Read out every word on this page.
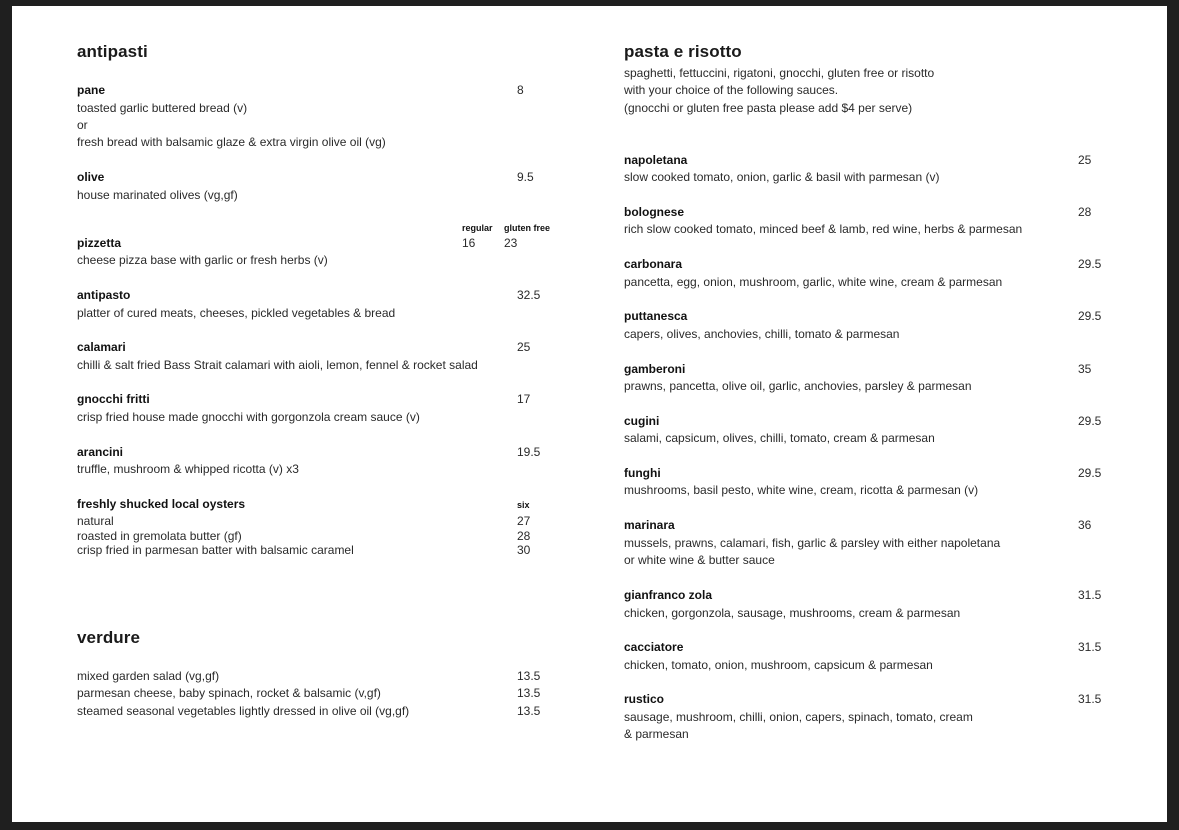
antipasti
pane	8
toasted garlic buttered bread (v)
or
fresh bread with balsamic glaze & extra virgin olive oil (vg)
olive	9.5
house marinated olives (vg,gf)
regular gluten free
pizzetta	16 23
cheese pizza base with garlic or fresh herbs (v)
antipasto	32.5
platter of cured meats, cheeses, pickled vegetables & bread
calamari	25
chilli & salt fried Bass Strait calamari with aioli, lemon, fennel & rocket salad
gnocchi fritti	17
crisp fried house made gnocchi with gorgonzola cream sauce (v)
arancini	19.5
truffle, mushroom & whipped ricotta (v) x3
freshly shucked local oysters	six
natural	27
roasted in gremolata butter (gf)	28
crisp fried in parmesan batter with balsamic caramel	30
verdure
mixed garden salad (vg,gf)	13.5
parmesan cheese, baby spinach, rocket & balsamic (v,gf)	13.5
steamed seasonal vegetables lightly dressed in olive oil (vg,gf)	13.5
pasta e risotto
spaghetti, fettuccini, rigatoni, gnocchi, gluten free or risotto
with your choice of the following sauces.
(gnocchi or gluten free pasta please add $4 per serve)
napoletana	25
slow cooked tomato, onion, garlic & basil with parmesan (v)
bolognese	28
rich slow cooked tomato, minced beef & lamb, red wine, herbs & parmesan
carbonara	29.5
pancetta, egg, onion, mushroom, garlic, white wine, cream & parmesan
puttanesca	29.5
capers, olives, anchovies, chilli, tomato & parmesan
gamberoni	35
prawns, pancetta, olive oil, garlic, anchovies, parsley & parmesan
cugini	29.5
salami, capsicum, olives, chilli, tomato, cream & parmesan
funghi	29.5
mushrooms, basil pesto, white wine, cream, ricotta & parmesan (v)
marinara	36
mussels, prawns, calamari, fish, garlic & parsley with either napoletana
or white wine & butter sauce
gianfranco zola	31.5
chicken, gorgonzola, sausage, mushrooms, cream & parmesan
cacciatore	31.5
chicken, tomato, onion, mushroom, capsicum & parmesan
rustico	31.5
sausage, mushroom, chilli, onion, capers, spinach, tomato, cream
& parmesan
